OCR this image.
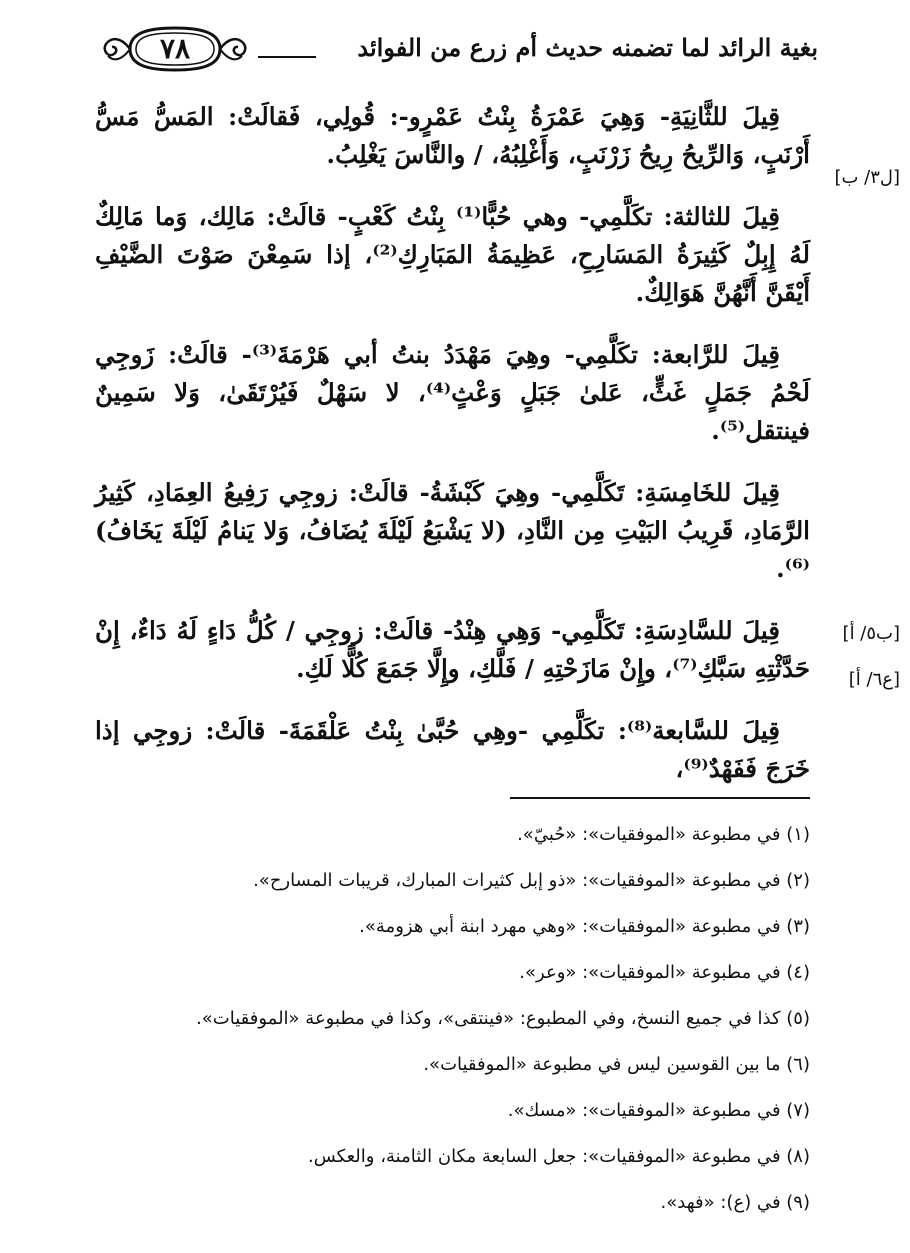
٧٨	بغية الرائد لما تضمنه حديث أم زرع من الفوائد
[ل٣/ ب]
[ب٥/ أ]
[ع٦/ أ]

قِيلَ للثَّانِيَةِ- وَهِيَ عَمْرَةُ بِنْتُ عَمْرٍو-: قُولِي، فَقالَتْ: المَسُّ مَسُّ أَرْنَبٍ، وَالرِّيحُ رِيحُ زَرْنَبٍ، وَأَغْلِبُهُ، / والنَّاسَ يَغْلِبُ.

قِيلَ للثالثة: تكَلَّمِي- وهي حُبًّا⁽¹⁾ بِنْتُ كَعْبٍ- قالَتْ: مَالِك، وَما مَالِكٌ لَهُ إِبِلٌ كَثِيرَةُ المَسَارِحِ، عَظِيمَةُ المَبَارِكِ⁽²⁾، إذا سَمِعْنَ صَوْتَ الضَّيْفِ أَيْقَنَّ أَنَّهُنَّ هَوَالِكٌ.

قِيلَ للرَّابعة: تكَلَّمِي- وهِيَ مَهْدَدُ بنتُ أبي هَرْمَةَ⁽³⁾- قالَتْ: زَوجِي لَحْمُ جَمَلٍ غَثٍّ، عَلىٰ جَبَلٍ وَعْثٍ⁽⁴⁾، لا سَهْلٌ فَيُرْتَقَىٰ، وَلا سَمِينٌ فينتقل⁽⁵⁾.

قِيلَ للخَامِسَةِ: تَكَلَّمِي- وهِيَ كَبْشَةُ- قالَتْ: زوجِي رَفِيعُ العِمَادِ، كَثِيرُ الرَّمَادِ، قَرِيبُ البَيْتِ مِن النَّادِ، (لا يَشْبَعُ لَيْلَةَ يُضَافُ، وَلا يَنامُ لَيْلَةَ يَخَافُ)⁽⁶⁾.

قِيلَ للسَّادِسَةِ: تَكَلَّمِي- وَهِي هِنْدُ- قالَتْ: زوجِي / كُلُّ دَاءٍ لَهُ دَاءٌ، إِنْ حَدَّثْتِهِ سَبَّكِ⁽⁷⁾، وإِنْ مَازَحْتِهِ / فَلَّكِ، وإِلَّا جَمَعَ كُلًّا لَكِ.

قِيلَ للسَّابعة⁽⁸⁾: تكَلَّمِي -وهِي حُبَّىٰ بِنْتُ عَلْقَمَةَ- قالَتْ: زوجِي إذا خَرَجَ فَفَهْدٌ⁽⁹⁾،

(١) في مطبوعة «الموفقيات»: «حُبيّ».
(٢) في مطبوعة «الموفقيات»: «ذو إبل كثيرات المبارك، قريبات المسارح».
(٣) في مطبوعة «الموفقيات»: «وهي مهرد ابنة أبي هزومة».
(٤) في مطبوعة «الموفقيات»: «وعر».
(٥) كذا في جميع النسخ، وفي المطبوع: «فينتقى»، وكذا في مطبوعة «الموفقيات».
(٦) ما بين القوسين ليس في مطبوعة «الموفقيات».
(٧) في مطبوعة «الموفقيات»: «مسك».
(٨) في مطبوعة «الموفقيات»: جعل السابعة مكان الثامنة، والعكس.
(٩) في (ع): «فهد».
